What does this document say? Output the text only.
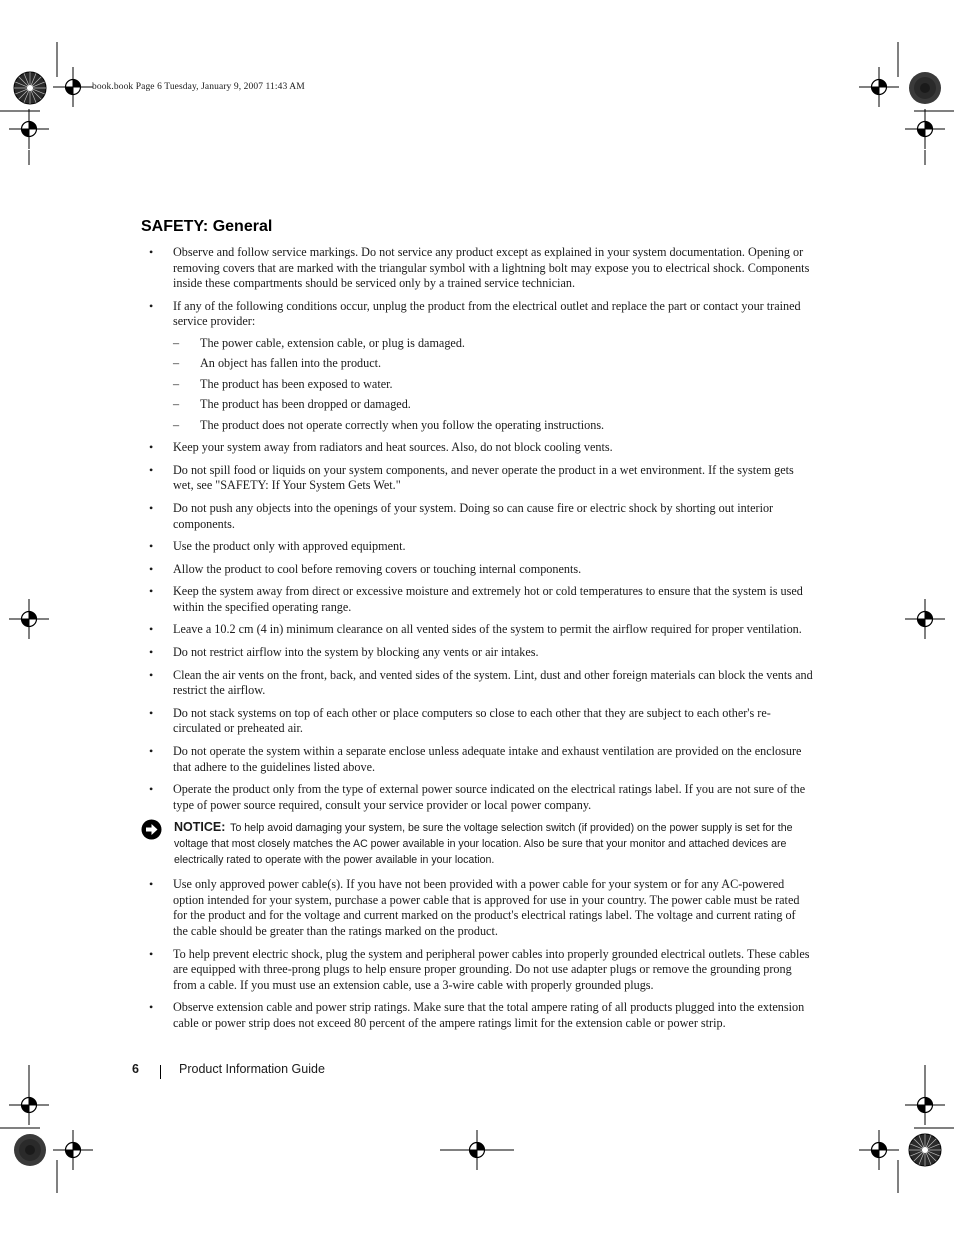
book.book Page 6 Tuesday, January 9, 2007 11:43 AM
SAFETY: General
• Observe and follow service markings. Do not service any product except as explained in your system documentation. Opening or removing covers that are marked with the triangular symbol with a lightning bolt may expose you to electrical shock. Components inside these compartments should be serviced only by a trained service technician.
• If any of the following conditions occur, unplug the product from the electrical outlet and replace the part or contact your trained service provider:
– The power cable, extension cable, or plug is damaged.
– An object has fallen into the product.
– The product has been exposed to water.
– The product has been dropped or damaged.
– The product does not operate correctly when you follow the operating instructions.
• Keep your system away from radiators and heat sources. Also, do not block cooling vents.
• Do not spill food or liquids on your system components, and never operate the product in a wet environment. If the system gets wet, see "SAFETY: If Your System Gets Wet."
• Do not push any objects into the openings of your system. Doing so can cause fire or electric shock by shorting out interior components.
• Use the product only with approved equipment.
• Allow the product to cool before removing covers or touching internal components.
• Keep the system away from direct or excessive moisture and extremely hot or cold temperatures to ensure that the system is used within the specified operating range.
• Leave a 10.2 cm (4 in) minimum clearance on all vented sides of the system to permit the airflow required for proper ventilation.
• Do not restrict airflow into the system by blocking any vents or air intakes.
• Clean the air vents on the front, back, and vented sides of the system. Lint, dust and other foreign materials can block the vents and restrict the airflow.
• Do not stack systems on top of each other or place computers so close to each other that they are subject to each other's re-circulated or preheated air.
• Do not operate the system within a separate enclose unless adequate intake and exhaust ventilation are provided on the enclosure that adhere to the guidelines listed above.
• Operate the product only from the type of external power source indicated on the electrical ratings label. If you are not sure of the type of power source required, consult your service provider or local power company.
NOTICE: To help avoid damaging your system, be sure the voltage selection switch (if provided) on the power supply is set for the voltage that most closely matches the AC power available in your location. Also be sure that your monitor and attached devices are electrically rated to operate with the power available in your location.
• Use only approved power cable(s). If you have not been provided with a power cable for your system or for any AC-powered option intended for your system, purchase a power cable that is approved for use in your country. The power cable must be rated for the product and for the voltage and current marked on the product's electrical ratings label. The voltage and current rating of the cable should be greater than the ratings marked on the product.
• To help prevent electric shock, plug the system and peripheral power cables into properly grounded electrical outlets. These cables are equipped with three-prong plugs to help ensure proper grounding. Do not use adapter plugs or remove the grounding prong from a cable. If you must use an extension cable, use a 3-wire cable with properly grounded plugs.
• Observe extension cable and power strip ratings. Make sure that the total ampere rating of all products plugged into the extension cable or power strip does not exceed 80 percent of the ampere ratings limit for the extension cable or power strip.
6	Product Information Guide
